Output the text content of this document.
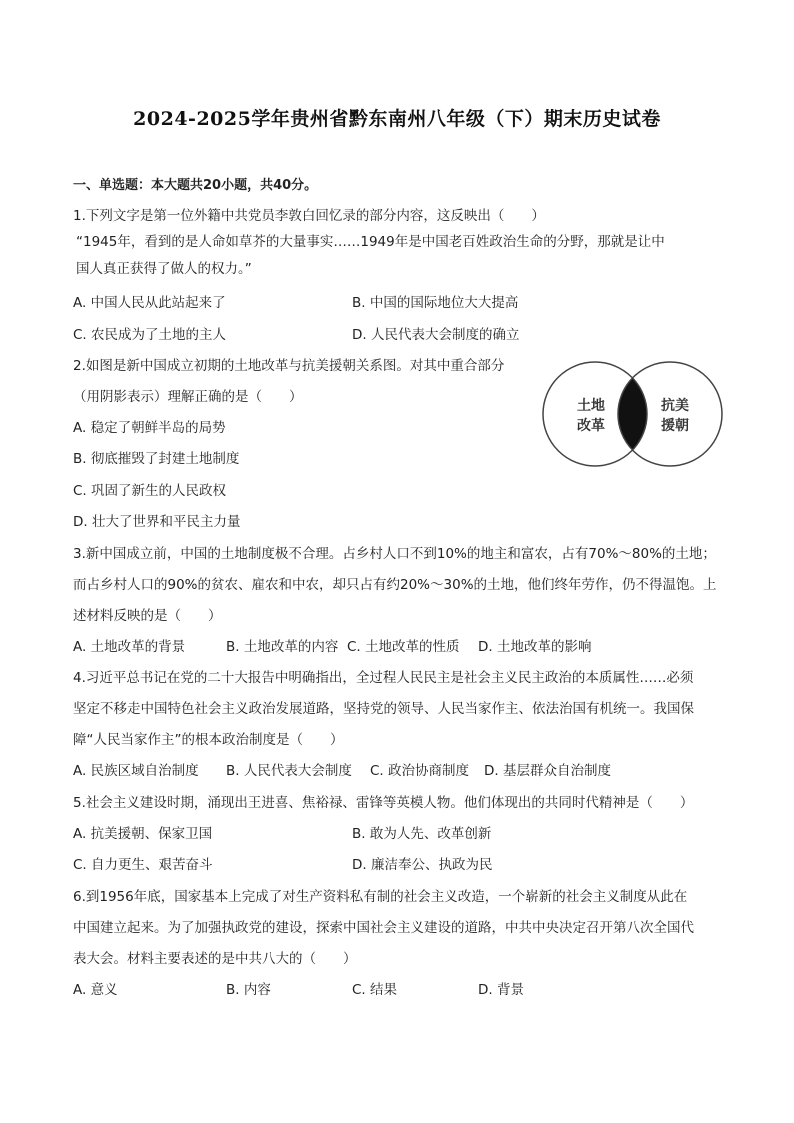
2024-2025学年贵州省黔东南州八年级（下）期末历史试卷
一、单选题：本大题共20小题，共40分。
1.下列文字是第一位外籍中共党员李敦白回忆录的部分内容，这反映出（　　）
“1945年，看到的是人命如草芥的大量事实……1949年是中国老百姓政治生命的分野，那就是让中
国人真正获得了做人的权力。”
A. 中国人民从此站起来了	B. 中国的国际地位大大提高
C. 农民成为了土地的主人	D. 人民代表大会制度的确立
2.如图是新中国成立初期的土地改革与抗美援朝关系图。对其中重合部分
（用阴影表示）理解正确的是（　　）
A. 稳定了朝鲜半岛的局势
B. 彻底摧毁了封建土地制度
C. 巩固了新生的人民政权
D. 壮大了世界和平民主力量
土地
改革
抗美
援朝
3.新中国成立前，中国的土地制度极不合理。占乡村人口不到10%的地主和富农，占有70%～80%的土地；
而占乡村人口的90%的贫农、雇农和中农，却只占有约20%～30%的土地，他们终年劳作，仍不得温饱。上
述材料反映的是（　　）
A. 土地改革的背景	B. 土地改革的内容 C. 土地改革的性质 D. 土地改革的影响
4.习近平总书记在党的二十大报告中明确指出，全过程人民民主是社会主义民主政治的本质属性……必须
坚定不移走中国特色社会主义政治发展道路，坚持党的领导、人民当家作主、依法治国有机统一。我国保
障“人民当家作主”的根本政治制度是（　　）
A. 民族区域自治制度 B. 人民代表大会制度 C. 政治协商制度 D. 基层群众自治制度
5.社会主义建设时期，涌现出王进喜、焦裕禄、雷锋等英模人物。他们体现出的共同时代精神是（　　）
A. 抗美援朝、保家卫国	B. 敢为人先、改革创新
C. 自力更生、艰苦奋斗	D. 廉洁奉公、执政为民
6.到1956年底，国家基本上完成了对生产资料私有制的社会主义改造，一个崭新的社会主义制度从此在
中国建立起来。为了加强执政党的建设，探索中国社会主义建设的道路，中共中央决定召开第八次全国代
表大会。材料主要表述的是中共八大的（　　）
A. 意义	B. 内容	C. 结果	D. 背景
